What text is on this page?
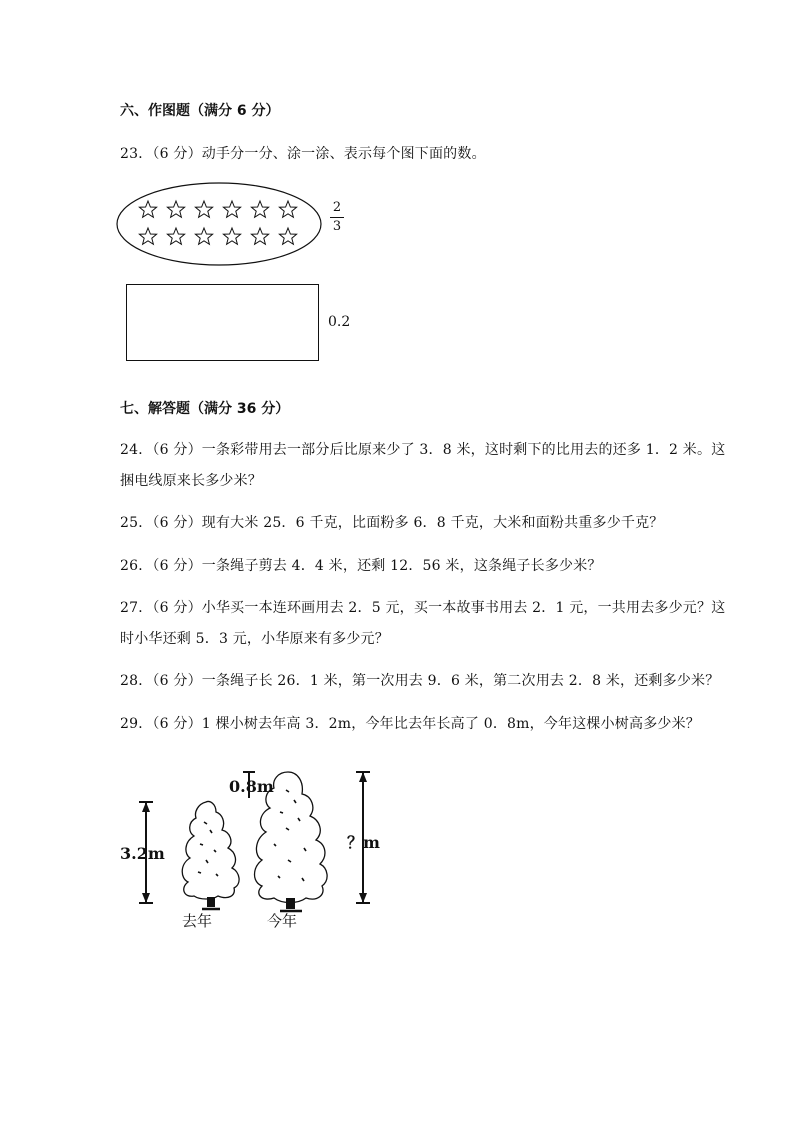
六、作图题（满分 6 分）
23．（6 分）动手分一分、涂一涂、表示每个图下面的数。
2
3
0.2
七、解答题（满分 36 分）
24．（6 分）一条彩带用去一部分后比原来少了 3．8 米，这时剩下的比用去的还多 1．2 米。这
捆电线原来长多少米？
25．（6 分）现有大米 25．6 千克，比面粉多 6．8 千克，大米和面粉共重多少千克？
26．（6 分）一条绳子剪去 4．4 米，还剩 12．56 米，这条绳子长多少米？
27．（6 分）小华买一本连环画用去 2．5 元，买一本故事书用去 2．1 元，一共用去多少元？这
时小华还剩 5．3 元，小华原来有多少元？
28．（6 分）一条绳子长 26．1 米，第一次用去 9．6 米，第二次用去 2．8 米，还剩多少米？
29．（6 分）1 棵小树去年高 3．2m，今年比去年长高了 0．8m，今年这棵小树高多少米？
3.2m
0.8m
？m
去年	今年
